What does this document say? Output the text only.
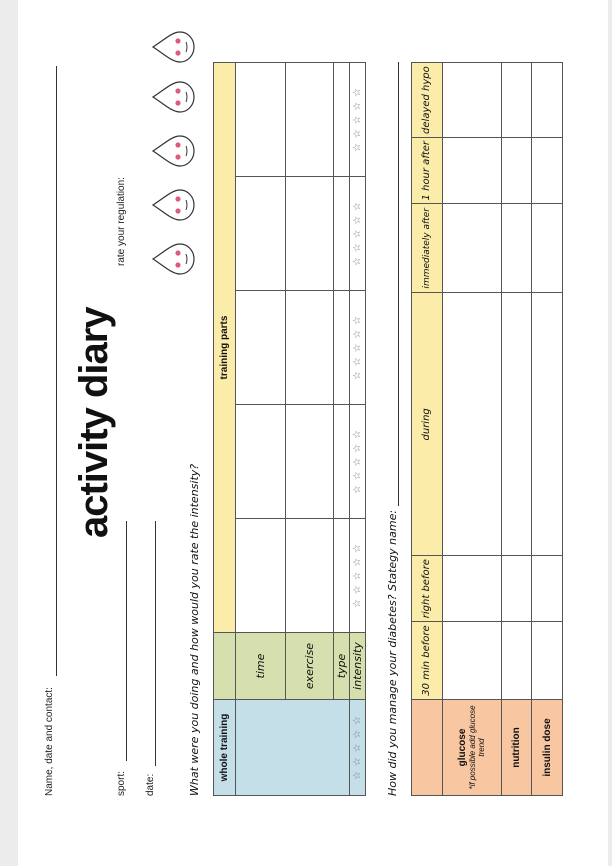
Name, date and contact:	sport: date:
activity diary
rate your regulation:
What were you doing and how would you rate the intensity? whole training		training parts				
	time					
	exercise					
	type					
☆ ☆ ☆ ☆ ☆	intensity	☆ ☆ ☆ ☆ ☆	☆ ☆ ☆ ☆ ☆	☆ ☆ ☆ ☆ ☆	☆ ☆ ☆ ☆ ☆	☆ ☆ ☆ ☆ ☆
How did you manage your diabetes? Stategy name:
	30 min before	right before	during	immediately after	1 hour after	delayed hypo

glucose *if possible add glucose trend						

nutrition						
insulin dose						
